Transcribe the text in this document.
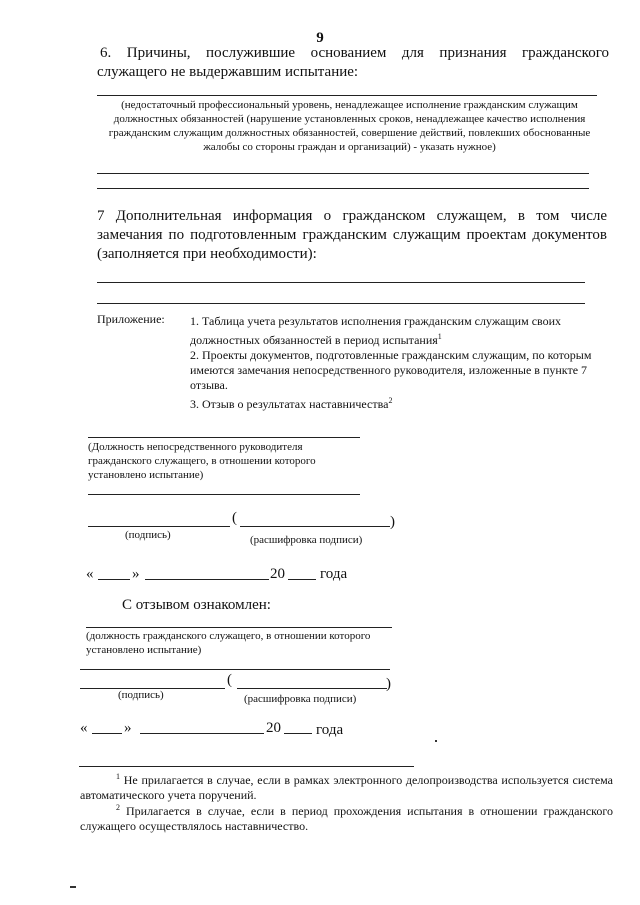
9
6. Причины, послужившие основанием для признания гражданского служащего не выдержавшим испытание:
(недостаточный профессиональный уровень, ненадлежащее исполнение гражданским служащим должностных обязанностей (нарушение установленных сроков, ненадлежащее качество исполнения гражданским служащим должностных обязанностей, совершение действий, повлекших обоснованные жалобы со стороны граждан и организаций) - указать нужное)
7 Дополнительная информация о гражданском служащем, в том числе замечания по подготовленным гражданским служащим проектам документов (заполняется при необходимости):
Приложение: 1. Таблица учета результатов исполнения гражданским служащим своих должностных обязанностей в период испытания$^1$
2. Проекты документов, подготовленные гражданским служащим, по которым имеются замечания непосредственного руководителя, изложенные в пункте 7 отзыва.
3. Отзыв о результатах наставничества$^2$
(Должность непосредственного руководителя гражданского служащего, в отношении которого установлено испытание)
(	)
(подпись)	(расшифровка подписи)
«	»	20 года
С отзывом ознакомлен:
(должность гражданского служащего, в отношении которого установлено испытание)
(	)
(подпись)	(расшифровка подписи)
« »	20 года
$^1$ Не прилагается в случае, если в рамках электронного делопроизводства используется система автоматического учета поручений.
$^2$ Прилагается в случае, если в период прохождения испытания в отношении гражданского служащего осуществлялось наставничество.
